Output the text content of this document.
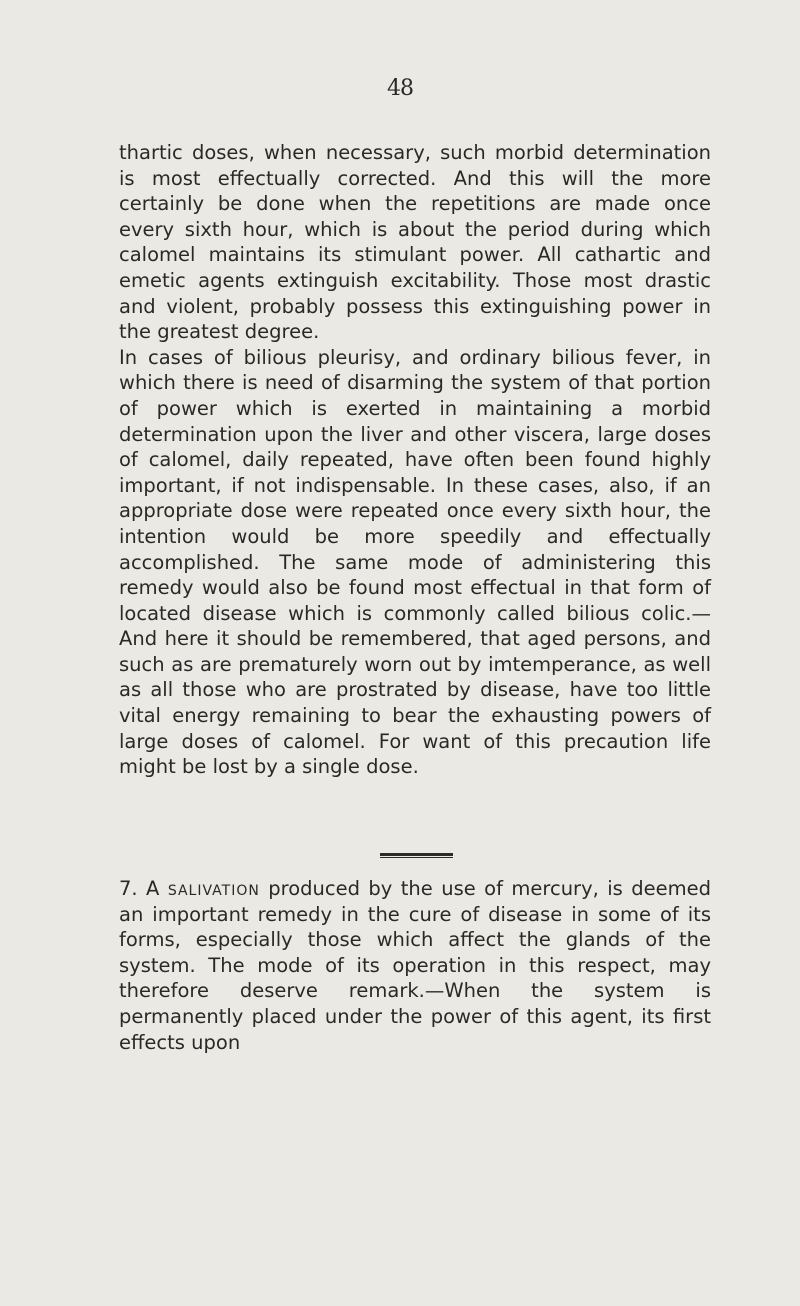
48

thartic doses, when necessary, such morbid determination is most effectually corrected. And this will the more certainly be done when the repetitions are made once every sixth hour, which is about the period during which calomel maintains its stimulant power. All cathartic and emetic agents extinguish excitability. Those most drastic and violent, probably possess this extinguishing power in the greatest degree.

In cases of bilious pleurisy, and ordinary bilious fever, in which there is need of disarming the system of that portion of power which is exerted in maintaining a morbid determination upon the liver and other viscera, large doses of calomel, daily repeated, have often been found highly important, if not indispensable. In these cases, also, if an appropriate dose were repeated once every sixth hour, the intention would be more speedily and effectually accomplished. The same mode of administering this remedy would also be found most effectual in that form of located disease which is commonly called bilious colic.—And here it should be remembered, that aged persons, and such as are prematurely worn out by imtemperance, as well as all those who are prostrated by disease, have too little vital energy remaining to bear the exhausting powers of large doses of calomel. For want of this precaution life might be lost by a single dose.

7. A salivation produced by the use of mercury, is deemed an important remedy in the cure of disease in some of its forms, especially those which affect the glands of the system. The mode of its operation in this respect, may therefore deserve remark.—When the system is permanently placed under the power of this agent, its first effects upon
